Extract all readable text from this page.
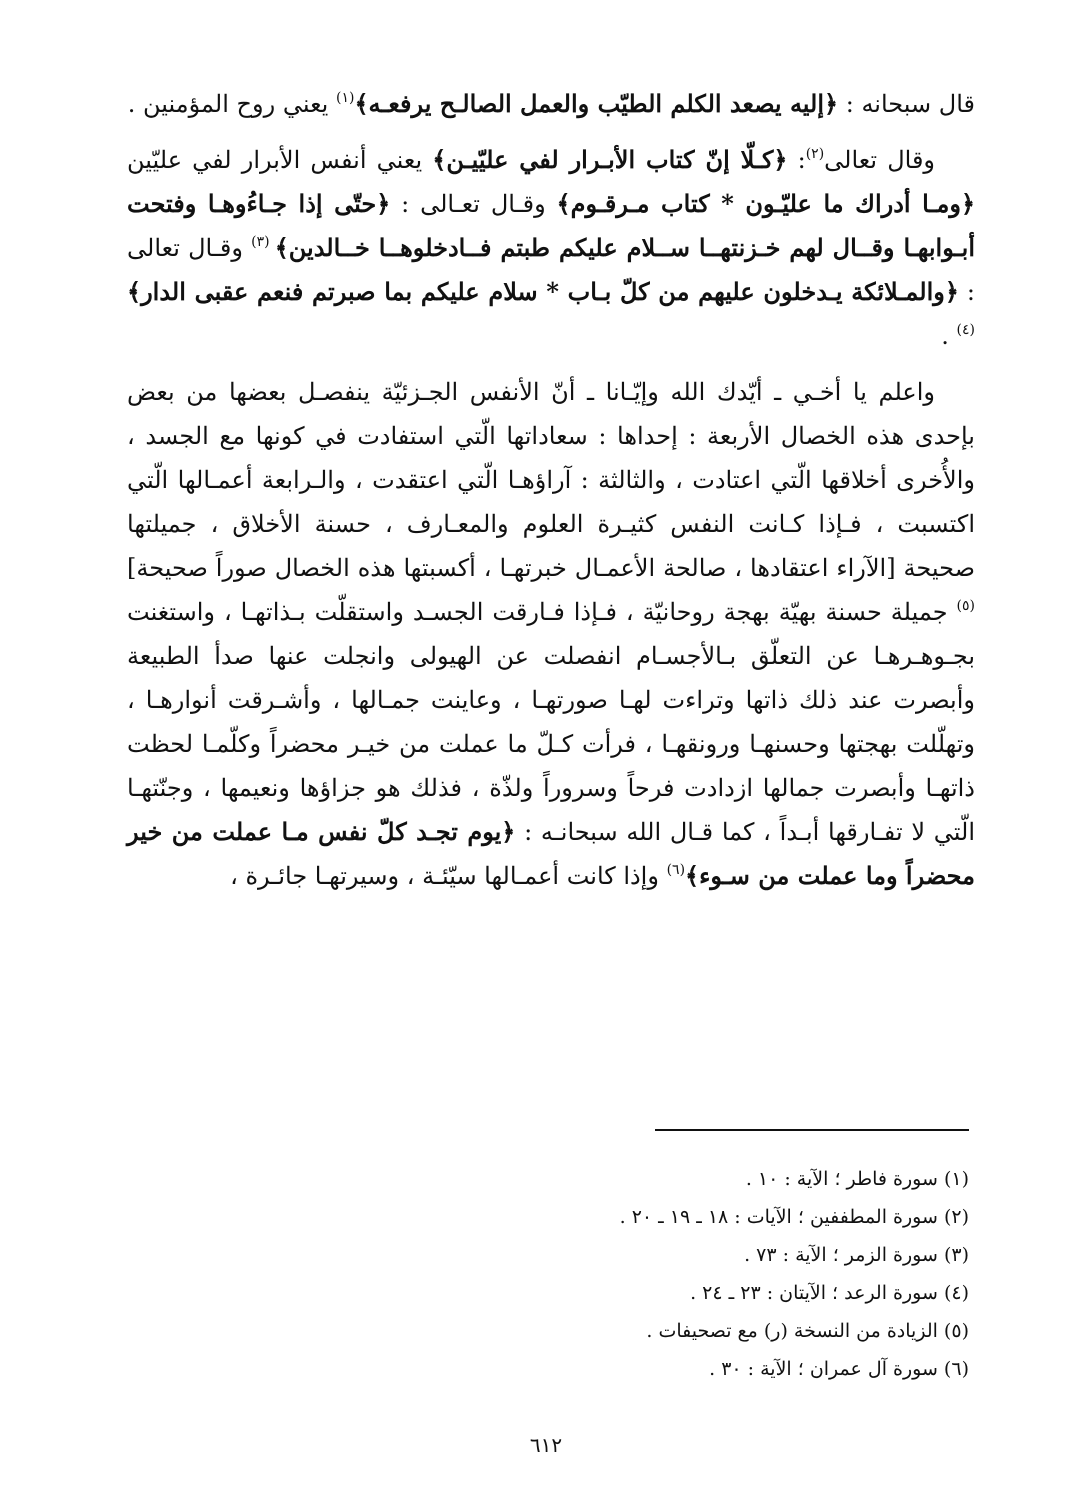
قال سبحانه : ﴿إليه يصعد الكلم الطيّب والعمل الصالـح يرفعـه﴾$^{(١)}$ يعني روح المؤمنين .

وقال تعالى$^{(٢)}$: ﴿كـلّا إنّ كتاب الأبـرار لفي عليّيـن﴾ يعني أنفس الأبرار لفي عليّين ﴿ومـا أدراك ما عليّـون * كتاب مـرقـوم﴾ وقـال تعـالى : ﴿حتّى إذا جـاءُوهـا وفتحت أبـوابهـا وقــال لهم خـزنتهــا ســلام عليكم طبتم فــادخلوهــا خــالدين﴾ $^{(٣)}$ وقـال تعالى : ﴿والمـلائكة يـدخلون عليهم من كلّ بـاب * سلام عليكم بما صبرتم فنعم عقبى الدار﴾$^{(٤)}$ .

واعلم يا أخـي ـ أيّدك الله وإيّـانا ـ أنّ الأنفس الجـزئيّة ينفصـل بعضها من بعض بإحدى هذه الخصال الأربعة : إحداها : سعاداتها الّتي استفادت في كونها مع الجسد ، والأُخرى أخلاقها الّتي اعتادت ، والثالثة : آراؤهـا الّتي اعتقدت ، والـرابعة أعمـالها الّتي اكتسبت ، فـإذا كـانت النفس كثيـرة العلوم والمعـارف ، حسنة الأخلاق ، جميلتها صحيحة [الآراء اعتقادها ، صالحة الأعمـال خبرتهـا ، أكسبتها هذه الخصال صوراً صحيحة]$^{(٥)}$ جميلة حسنة بهيّة بهجة روحانيّة ، فـإذا فـارقت الجسـد واستقلّت بـذاتهـا ، واستغنت بجـوهـرهـا عن التعلّق بـالأجسـام انفصلت عن الهيولى وانجلت عنها صدأ الطبيعة وأبصرت عند ذلك ذاتها وتراءت لهـا صورتهـا ، وعاينت جمـالها ، وأشـرقت أنوارهـا ، وتهلّلت بهجتها وحسنهـا ورونقهـا ، فرأت كـلّ ما عملت من خيـر محضراً وكلّمـا لحظت ذاتهـا وأبصرت جمالها ازدادت فرحاً وسروراً ولذّة ، فذلك هو جزاؤها ونعيمها ، وجنّتهـا الّتي لا تفـارقها أبـداً ، كما قـال الله سبحانـه : ﴿يوم تجـد كلّ نفس مـا عملت من خير محضراً وما عملت من سـوء﴾$^{(٦)}$ وإذا كانت أعمـالها سيّئـة ، وسيرتهـا جائـرة ،

(١) سورة فاطر ؛ الآية : ١٠ .
(٢) سورة المطففين ؛ الآيات : ١٨ ـ ١٩ ـ ٢٠ .
(٣) سورة الزمر ؛ الآية : ٧٣ .
(٤) سورة الرعد ؛ الآيتان : ٢٣ ـ ٢٤ .
(٥) الزيادة من النسخة (ر) مع تصحيفات .
(٦) سورة آل عمران ؛ الآية : ٣٠ .
٦١٢
